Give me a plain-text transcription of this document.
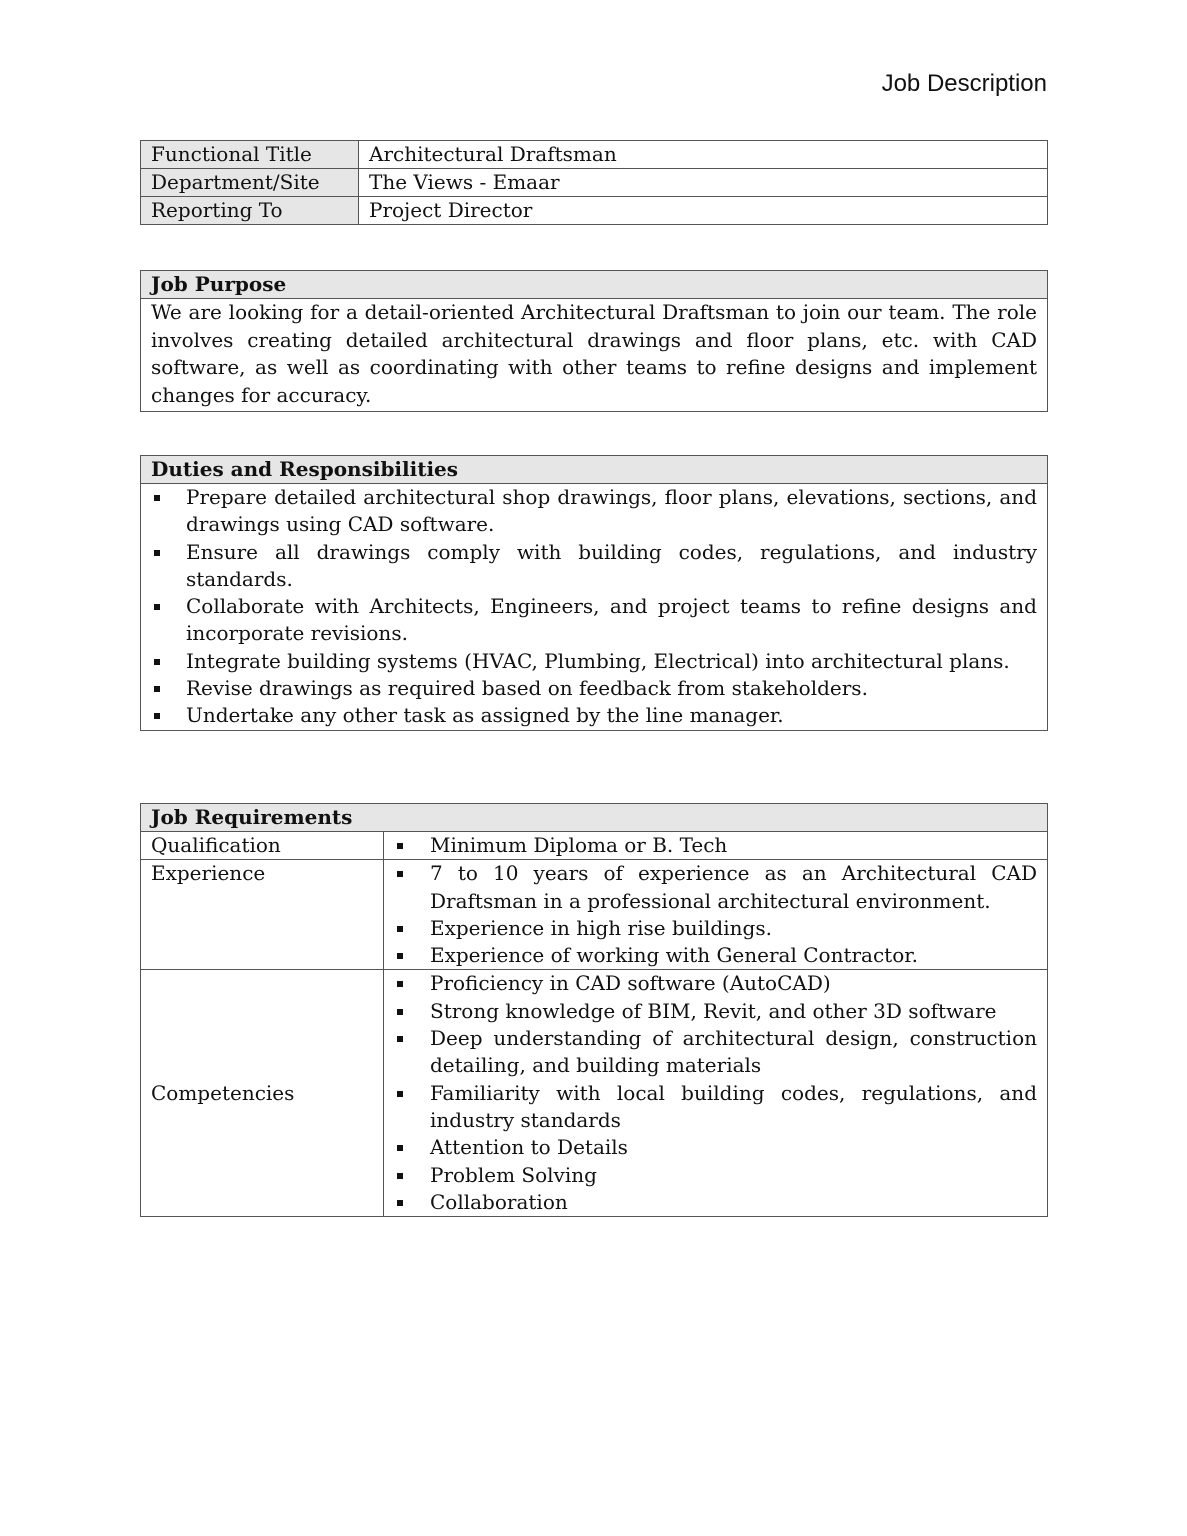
Job Description
Functional Title	Architectural Draftsman
Department/Site	The Views - Emaar
Reporting To	Project Director
Job Purpose
We are looking for a detail-oriented Architectural Draftsman to join our team. The role involves creating detailed architectural drawings and floor plans, etc. with CAD software, as well as coordinating with other teams to refine designs and implement changes for accuracy.
Duties and Responsibilities
Prepare detailed architectural shop drawings, floor plans, elevations, sections, and drawings using CAD software.
Ensure all drawings comply with building codes, regulations, and industry standards.
Collaborate with Architects, Engineers, and project teams to refine designs and incorporate revisions.
Integrate building systems (HVAC, Plumbing, Electrical) into architectural plans.
Revise drawings as required based on feedback from stakeholders.
Undertake any other task as assigned by the line manager.
Job Requirements
Qualification	Minimum Diploma or B. Tech
Experience	7 to 10 years of experience as an Architectural CAD Draftsman in a professional architectural environment.
Experience in high rise buildings.
Experience of working with General Contractor.
Competencies
Proficiency in CAD software (AutoCAD)
Strong knowledge of BIM, Revit, and other 3D software
Deep understanding of architectural design, construction detailing, and building materials
Familiarity with local building codes, regulations, and industry standards
Attention to Details
Problem Solving
Collaboration
